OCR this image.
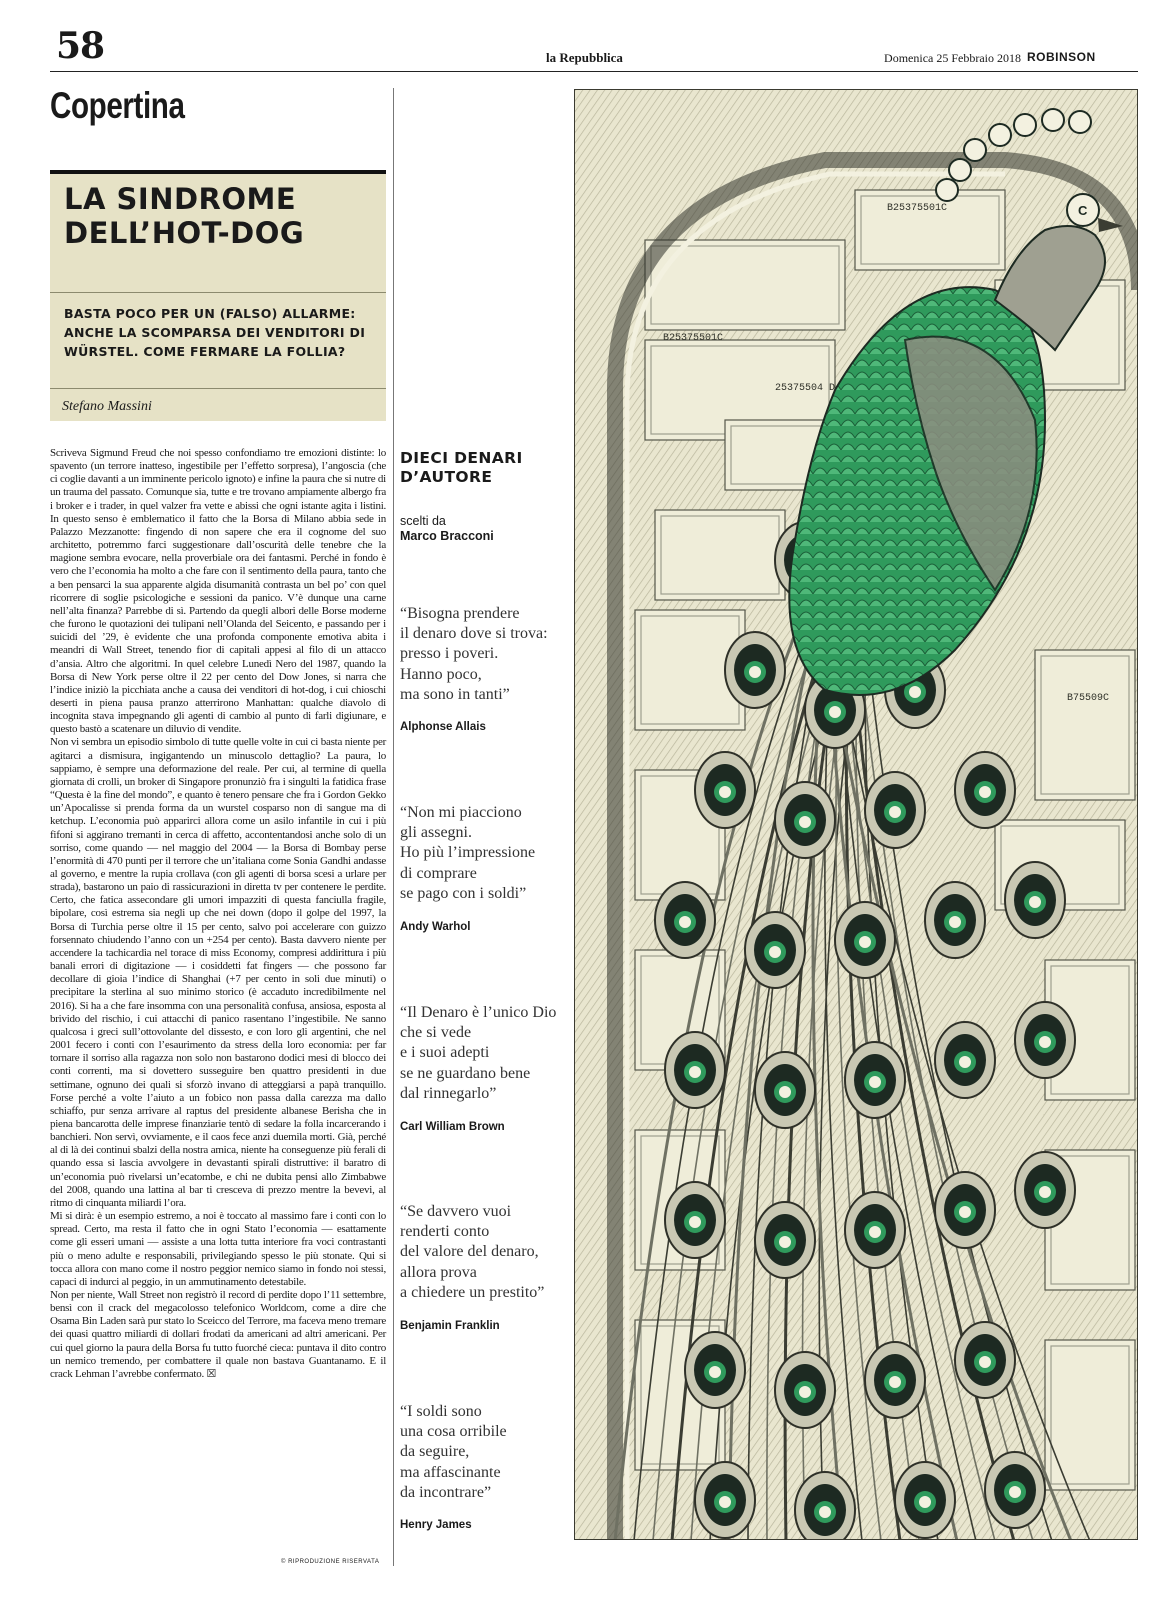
58	la Repubblica	Domenica 25 Febbraio 2018 ROBINSON
Copertina
LA SINDROME DELL’HOT-DOG
BASTA POCO PER UN (FALSO) ALLARME: ANCHE LA SCOMPARSA DEI VENDITORI DI WÜRSTEL. COME FERMARE LA FOLLIA?
Stefano Massini

Scriveva Sigmund Freud che noi spesso confondiamo tre emozioni distinte: lo spavento (un terrore inatteso, ingestibile per l’effetto sorpresa), l’angoscia (che ci coglie davanti a un imminente pericolo ignoto) e infine la paura che si nutre di un trauma del passato. Comunque sia, tutte e tre trovano ampiamente albergo fra i broker e i trader, in quel valzer fra vette e abissi che ogni istante agita i listini. In questo senso è emblematico il fatto che la Borsa di Milano abbia sede in Palazzo Mezzanotte: fingendo di non sapere che era il cognome del suo architetto, potremmo farci suggestionare dall’oscurità delle tenebre che la magione sembra evocare, nella proverbiale ora dei fantasmi. Perché in fondo è vero che l’economia ha molto a che fare con il sentimento della paura, tanto che a ben pensarci la sua apparente algida disumanità contrasta un bel po’ con quel ricorrere di soglie psicologiche e sessioni da panico. V’è dunque una carne nell’alta finanza? Parrebbe di sì. Partendo da quegli albori delle Borse moderne che furono le quotazioni dei tulipani nell’Olanda del Seicento, e passando per i suicidi del ’29, è evidente che una profonda componente emotiva abita i meandri di Wall Street, tenendo fior di capitali appesi al filo di un attacco d’ansia. Altro che algoritmi. In quel celebre Lunedì Nero del 1987, quando la Borsa di New York perse oltre il 22 per cento del Dow Jones, si narra che l’indice iniziò la picchiata anche a causa dei venditori di hot-dog, i cui chioschi deserti in piena pausa pranzo atterrirono Manhattan: qualche diavolo di incognita stava impegnando gli agenti di cambio al punto di farli digiunare, e questo bastò a scatenare un diluvio di vendite.

Non vi sembra un episodio simbolo di tutte quelle volte in cui ci basta niente per agitarci a dismisura, ingigantendo un minuscolo dettaglio? La paura, lo sappiamo, è sempre una deformazione del reale. Per cui, al termine di quella giornata di crolli, un broker di Singapore pronunziò fra i singulti la fatidica frase “Questa è la fine del mondo”, e quanto è tenero pensare che fra i Gordon Gekko un’Apocalisse si prenda forma da un wurstel cosparso non di sangue ma di ketchup. L’economia può apparirci allora come un asilo infantile in cui i più fifoni si aggirano tremanti in cerca di affetto, accontentandosi anche solo di un sorriso, come quando — nel maggio del 2004 — la Borsa di Bombay perse l’enormità di 470 punti per il terrore che un’italiana come Sonia Gandhi andasse al governo, e mentre la rupia crollava (con gli agenti di borsa scesi a urlare per strada), bastarono un paio di rassicurazioni in diretta tv per contenere le perdite. Certo, che fatica assecondare gli umori impazziti di questa fanciulla fragile, bipolare, così estrema sia negli up che nei down (dopo il golpe del 1997, la Borsa di Turchia perse oltre il 15 per cento, salvo poi accelerare con guizzo forsennato chiudendo l’anno con un +254 per cento). Basta davvero niente per accendere la tachicardia nel torace di miss Economy, compresi addirittura i più banali errori di digitazione — i cosiddetti fat fingers — che possono far decollare di gioia l’indice di Shanghai (+7 per cento in soli due minuti) o precipitare la sterlina al suo minimo storico (è accaduto incredibilmente nel 2016). Si ha a che fare insomma con una personalità confusa, ansiosa, esposta al brivido del rischio, i cui attacchi di panico rasentano l’ingestibile. Ne sanno qualcosa i greci sull’ottovolante del dissesto, e con loro gli argentini, che nel 2001 fecero i conti con l’esaurimento da stress della loro economia: per far tornare il sorriso alla ragazza non solo non bastarono dodici mesi di blocco dei conti correnti, ma si dovettero susseguire ben quattro presidenti in due settimane, ognuno dei quali si sforzò invano di atteggiarsi a papà tranquillo. Forse perché a volte l’aiuto a un fobico non passa dalla carezza ma dallo schiaffo, pur senza arrivare al raptus del presidente albanese Berisha che in piena bancarotta delle imprese finanziarie tentò di sedare la folla incarcerando i banchieri. Non servì, ovviamente, e il caos fece anzi duemila morti. Già, perché al di là dei continui sbalzi della nostra amica, niente ha conseguenze più ferali di quando essa si lascia avvolgere in devastanti spirali distruttive: il baratro di un’economia può rivelarsi un’ecatombe, e chi ne dubita pensi allo Zimbabwe del 2008, quando una lattina al bar ti cresceva di prezzo mentre la bevevi, al ritmo di cinquanta miliardi l’ora.

Mi si dirà: è un esempio estremo, a noi è toccato al massimo fare i conti con lo spread. Certo, ma resta il fatto che in ogni Stato l’economia — esattamente come gli esseri umani — assiste a una lotta tutta interiore fra voci contrastanti più o meno adulte e responsabili, privilegiando spesso le più stonate. Qui si tocca allora con mano come il nostro peggior nemico siamo in fondo noi stessi, capaci di indurci al peggio, in un ammutinamento detestabile.

Non per niente, Wall Street non registrò il record di perdite dopo l’11 settembre, bensì con il crack del megacolosso telefonico Worldcom, come a dire che Osama Bin Laden sarà pur stato lo Sceicco del Terrore, ma faceva meno tremare dei quasi quattro miliardi di dollari frodati da americani ad altri americani. Per cui quel giorno la paura della Borsa fu tutto fuorché cieca: puntava il dito contro un nemico tremendo, per combattere il quale non bastava Guantanamo. E il crack Lehman l’avrebbe confermato. ☒

© RIPRODUZIONE RISERVATA
DIECI DENARI
D’AUTORE
scelti da
Marco Bracconi
“Bisogna prendere
il denaro dove si trova:
presso i poveri.
Hanno poco,
ma sono in tanti”
Alphonse Allais
“Non mi piacciono
gli assegni.
Ho più l’impressione
di comprare
se pago con i soldi”
Andy Warhol
“Il Denaro è l’unico Dio
che si vede
e i suoi adepti
se ne guardano bene
dal rinnegarlo”
Carl William Brown
“Se davvero vuoi
renderti conto
del valore del denaro,
allora prova
a chiedere un prestito”
Benjamin Franklin
“I soldi sono
una cosa orribile
da seguire,
ma affascinante
da incontrare”
Henry James
B25375501C
B25375501C
25375504 D
B75509C
C
